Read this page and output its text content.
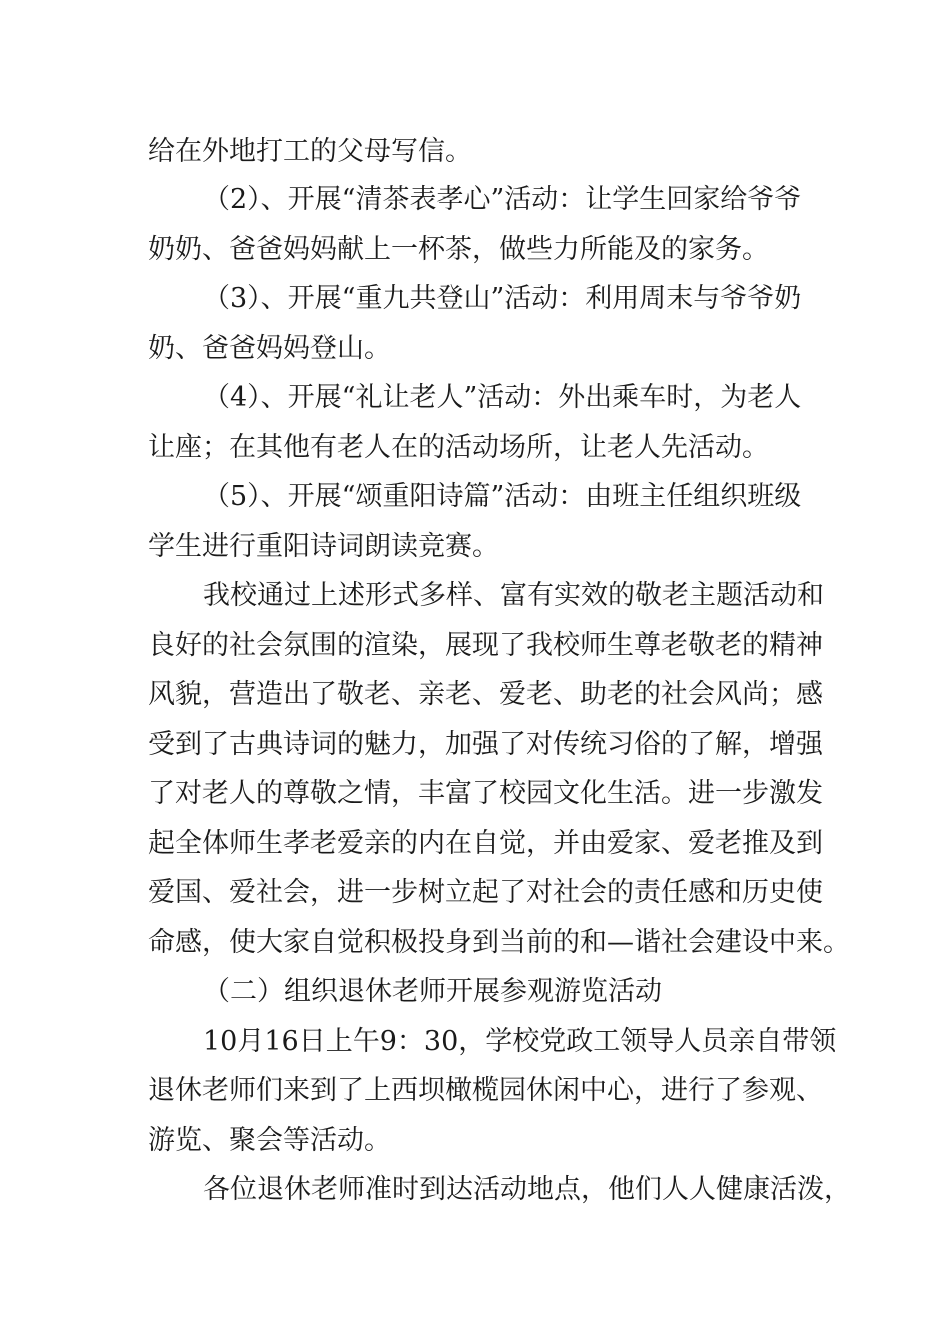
给在外地打工的父母写信。
（2）、开展“清茶表孝心”活动：让学生回家给爷爷
奶奶、爸爸妈妈献上一杯茶，做些力所能及的家务。
（3）、开展“重九共登山”活动：利用周末与爷爷奶
奶、爸爸妈妈登山。
（4）、开展“礼让老人”活动：外出乘车时，为老人
让座；在其他有老人在的活动场所，让老人先活动。
（5）、开展“颂重阳诗篇”活动：由班主任组织班级
学生进行重阳诗词朗读竞赛。
我校通过上述形式多样、富有实效的敬老主题活动和
良好的社会氛围的渲染，展现了我校师生尊老敬老的精神
风貌，营造出了敬老、亲老、爱老、助老的社会风尚；感
受到了古典诗词的魅力，加强了对传统习俗的了解，增强
了对老人的尊敬之情，丰富了校园文化生活。进一步激发
起全体师生孝老爱亲的内在自觉，并由爱家、爱老推及到
爱国、爱社会，进一步树立起了对社会的责任感和历史使
命感，使大家自觉积极投身到当前的和—谐社会建设中来。
（二）组织退休老师开展参观游览活动
10月16日上午9：30，学校党政工领导人员亲自带领
退休老师们来到了上西坝橄榄园休闲中心，进行了参观、
游览、聚会等活动。
各位退休老师准时到达活动地点，他们人人健康活泼，
